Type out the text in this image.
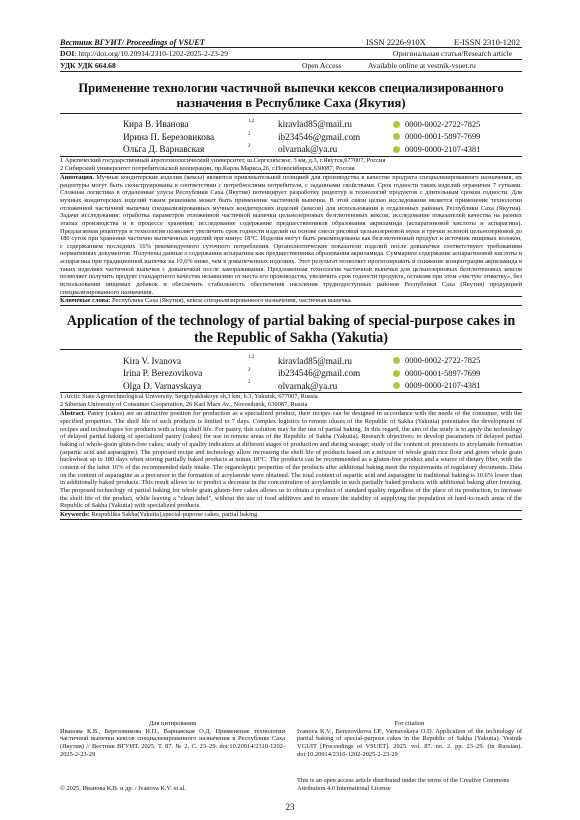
Вестник ВГУИТ/ Proceedings of VSUET	ISSN 2226-910X	E-ISSN 2310-1202
DOI: http://doi.org/10.20914/2310-1202-2025-2-23-29	Оригинальная статья/Research article
УДК УДК 664.68	Open Access	Available online at vestnik-vsuet.ru
Применение технологии частичной выпечки кексов специализированного назначения в Республике Саха (Якутия)
Кира В. Иванова	1,2	kiravlad85@mail.ru	0000-0002-2722-7825
Ирина П. Березовикова	2	ib234546@gmail.com	0000-0001-5897-7699
Ольга Д. Варнавская	2	olvarnak@ya.ru	0009-0000-2107-4381
1 Арктический государственный агротехнологический университет, ш.Сергеляхское, 3 км, д.3, г.Якутск,677007, Россия
2 Сибирский университет потребительской кооперации, пр.Карла Маркса,26, г.Новосибирск,630087, Россия
Аннотация. Мучные кондитерские изделия (кексы) являются привлекательной позицией для производства в качестве продукта специализированного назначения, их рецептуры могут быть сконструированы в соответствии с потребностями потребителя, с заданными свойствами. Срок годности таких изделий ограничен 7 сутками. Сложная логистика в отдаленные улусы Республики Саха (Якутия) потенцирует разработку рецептур и технологий продуктов с длительным сроком годности. Для мучных кондитерских изделий таким решением может быть применение частичной выпечки. В этой связи целью исследования является применение технологии отложенной частичной выпечки специализированных мучных кондитерских изделий (кексов) для использования в отдаленных районах Республики Саха (Якутия). Задачи исследования: отработка параметров отложенной частичной выпечки цельнозерновых безглютеновых кексов; исследование показателей качества на разных этапах производства и в процессе хранения; исследование содержание предшественников образования акриламида (аспарагиновой кислоты и аспарагина). Предлагаемая рецептура и технология позволяет увеличить срок годности изделий на основе смеси рисовой цельнозерновой муки и гречки зеленой цельнозерновой до 180 суток при хранении частично выпеченных изделий при минус 18°С. Изделия могут быть рекомендованы как безглютеновый продукт и источник пищевых волокон, с содержанием последних 16% рекомендуемого суточного потребления. Органолептические показатели изделий после довыпечки соответствуют требованиям нормативных документов. Получены данные о содержании аспарагина как предшественника образования акриламида. Суммарное содержание аспарагиновой кислоты и аспарагина при традиционной выпечке на 10,6% ниже, чем в довыпеченных изделиях. Этот результат позволяет прогнозировать и снижение концентрации акриламида в таких изделиях частичной выпечки с довыпечкой после замораживания. Предложенная технология частичной выпечки для цельнозерновых безглютеновых кексов позволяет получить продукт стандартного качества независимо от места его производства, увеличить срок годности продукта, оставляя при этом «чистую этикетку», без использования пищевых добавок и обеспечить стабильность обеспечения населения труднодоступных районов Республики Саха (Якутия) продукцией специализированного назначения.
Ключевые слова: Республика Саха (Якутия), кексы специализированного назначения, частичная выпечка.
Application of the technology of partial baking of special-purpose cakes in the Republic of Sakha (Yakutia)
Kira V. Ivanova	1,2	kiravlad85@mail.ru	0000-0002-2722-7825
Irina P. Berezovikova	2	ib234546@gmail.com	0000-0001-5897-7699
Olga D. Varnavskaya	2	olvarnak@ya.ru	0009-0000-2107-4381
1 Arctic State Agrotechnological University, Sergelyakhskoye sh,3 km, b.3, Yakutsk, 677007, Russia
2 Siberian University of Consumer Cooperation, 26 Karl Marx Av., Novosibirsk, 630087, Russia
Abstract. Pastry (cakes) are an attractive position for production as a specialized product, their recipes can be designed in accordance with the needs of the consumer, with the specified properties. The shelf life of such products is limited to 7 days. Complex logistics to remote uluses of the Republic of Sakha (Yakutia) potentiates the development of recipes and technologies for products with a long shelf life. For pastry, this solution may be the use of partial baking. In this regard, the aim of the study is to apply the technology of delayed partial baking of specialized pastry (cakes) for use in remote areas of the Republic of Sakha (Yakutia). Research objectives: to develop parameters of delayed partial baking of whole-grain gluten-free cakes; study of quality indicators at different stages of production and during storage; study of the content of precursors to acrylamide formation (aspartic acid and asparagine). The proposed recipe and technology allow increasing the shelf life of products based on a mixture of whole grain rice flour and green whole grain buckwheat up to 180 days when storing partially baked products at minus 18°C. The products can be recommended as a gluten-free product and a source of dietary fiber, with the content of the latter 16% of the recommended daily intake. The organoleptic properties of the products after additional baking meet the requirements of regulatory documents. Data on the content of asparagine as a precursor to the formation of acrylamide were obtained. The total content of aspartic acid and asparagine in traditional baking is 10.6% lower than in additionally baked products. This result allows us to predict a decrease in the concentration of acrylamide in such partially baked products with additional baking after freezing. The proposed technology of partial baking for whole grain gluten-free cakes allows us to obtain a product of standard quality regardless of the place of its production, to increase the shelf life of the product, while leaving a "clean label", without the use of food additives and to ensure the stability of supplying the population of hard-to-reach areas of the Republic of Sakha (Yakutia) with specialized products.
Keywords: Respublika Sakha(Yakutia),special-puporse cakes, partial baking.
Для цитирования
Иванова К.В., Березовикова И.П., Варнавская О.Д. Применение технологии частичной выпечки кексов специализированного назначения в Республике Саха (Якутия) // Вестник ВГУИТ. 2025. Т. 87. № 2. С. 23–29. doi:10.20914/2310-1202-2025-2-23-29
For citation
Ivanova K.V., Berezovikova I.P., Varnavskaya O.D. Application of the technology of partial baking of special-purpose cakes in the Republic of Sakha (Yakutia). Vestnik VGUIT [Proceedings of VSUET]. 2025. vol. 87. no. 2. pp. 23–29. (in Russian). doi:10.20914/2310-1202-2025-2-23-29
© 2025, Иванова К.В. и др. / Ivanova K.V. et al.
This is an open access article distributed under the terms of the Creative Commons Attribution 4.0 International License
23
